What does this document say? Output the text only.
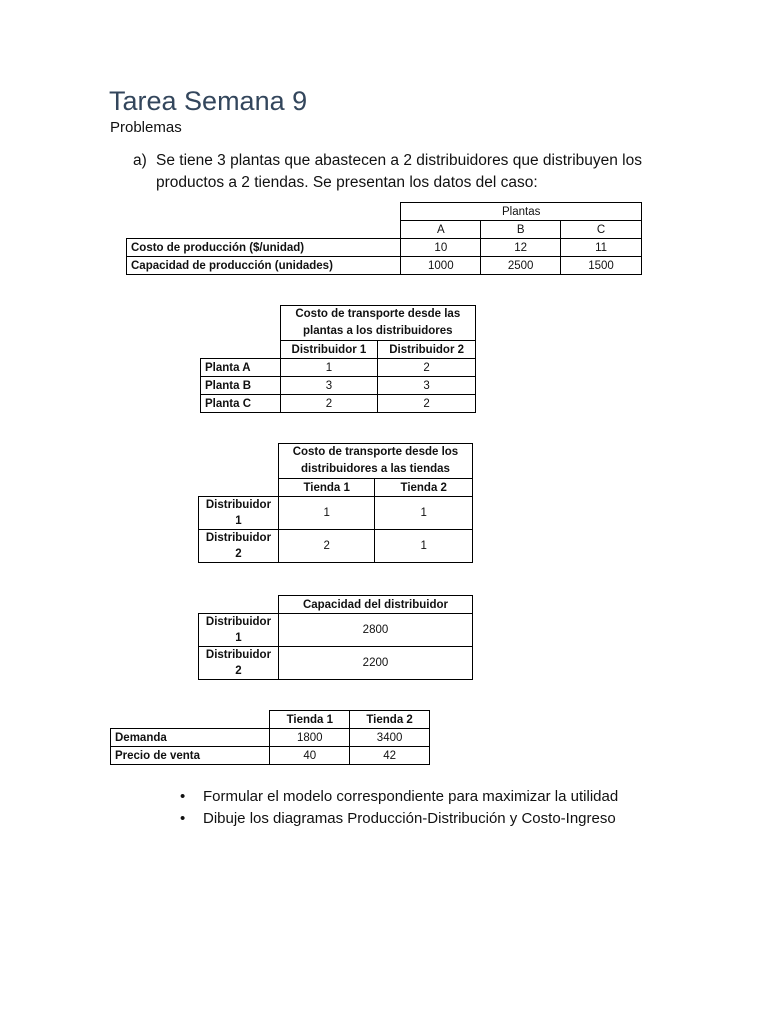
Tarea Semana 9
Problemas
a) Se tiene 3 plantas que abastecen a 2 distribuidores que distribuyen los productos a 2 tiendas. Se presentan los datos del caso:
	Plantas		
	A	B	C
Costo de producción ($/unidad)	10	12	11
Capacidad de producción (unidades)	1000	2500	1500
	Costo de transporte desde las plantas a los distribuidores	
	Distribuidor 1	Distribuidor 2
Planta A	1	2
Planta B	3	3
Planta C	2	2
	Costo de transporte desde los distribuidores a las tiendas	
	Tienda 1	Tienda 2
Distribuidor 1	1	1
Distribuidor 2	2	1
	Capacidad del distribuidor
Distribuidor 1	2800
Distribuidor 2	2200
	Tienda 1	Tienda 2
Demanda	1800	3400
Precio de venta	40	42
• Formular el modelo correspondiente para maximizar la utilidad
• Dibuje los diagramas Producción-Distribución y Costo-Ingreso
